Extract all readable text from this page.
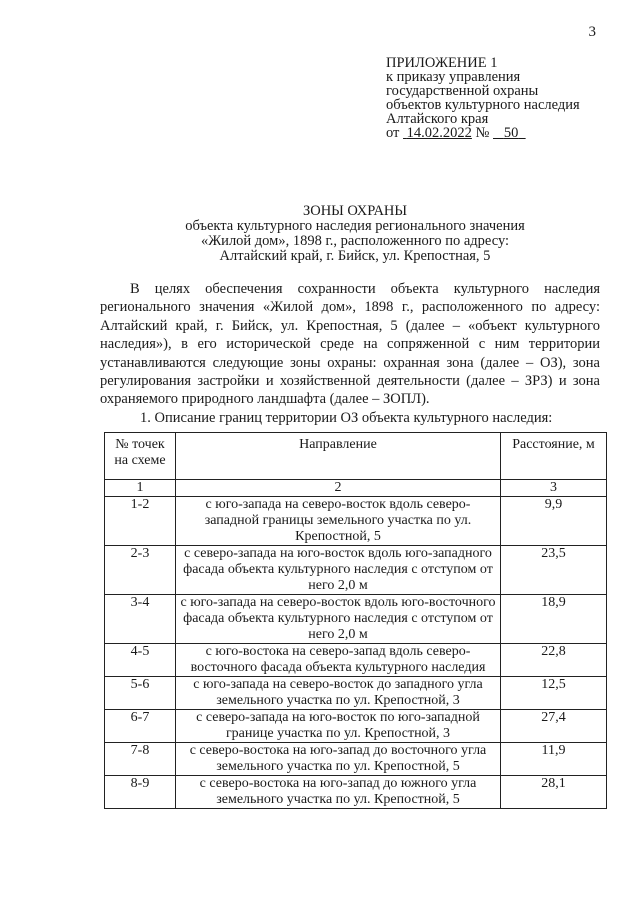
3
ПРИЛОЖЕНИЕ 1
к приказу управления
государственной охраны
объектов культурного наследия
Алтайского края
от 14.02.2022 № 50
ЗОНЫ ОХРАНЫ
объекта культурного наследия регионального значения
«Жилой дом», 1898 г., расположенного по адресу:
Алтайский край, г. Бийск, ул. Крепостная, 5

В целях обеспечения сохранности объекта культурного наследия регионального значения «Жилой дом», 1898 г., расположенного по адресу: Алтайский край, г. Бийск, ул. Крепостная, 5 (далее – «объект культурного наследия»), в его исторической среде на сопряженной с ним территории устанавливаются следующие зоны охраны: охранная зона (далее – ОЗ), зона регулирования застройки и хозяйственной деятельности (далее – ЗРЗ) и зона охраняемого природного ландшафта (далее – ЗОПЛ).

1. Описание границ территории ОЗ объекта культурного наследия:

№ точек на схеме	Направление	Расстояние, м
1	2	3
1-2	с юго-запада на северо-восток вдоль северо-западной границы земельного участка по ул. Крепостной, 5	9,9
2-3	с северо-запада на юго-восток вдоль юго-западного фасада объекта культурного наследия с отступом от него 2,0 м	23,5
3-4	с юго-запада на северо-восток вдоль юго-восточного фасада объекта культурного наследия с отступом от него 2,0 м	18,9
4-5	с юго-востока на северо-запад вдоль северо-восточного фасада объекта культурного наследия	22,8
5-6	с юго-запада на северо-восток до западного угла земельного участка по ул. Крепостной, 3	12,5
6-7	с северо-запада на юго-восток по юго-западной границе участка по ул. Крепостной, 3	27,4
7-8	с северо-востока на юго-запад до восточного угла земельного участка по ул. Крепостной, 5	11,9
8-9	с северо-востока на юго-запад до южного угла земельного участка по ул. Крепостной, 5	28,1
